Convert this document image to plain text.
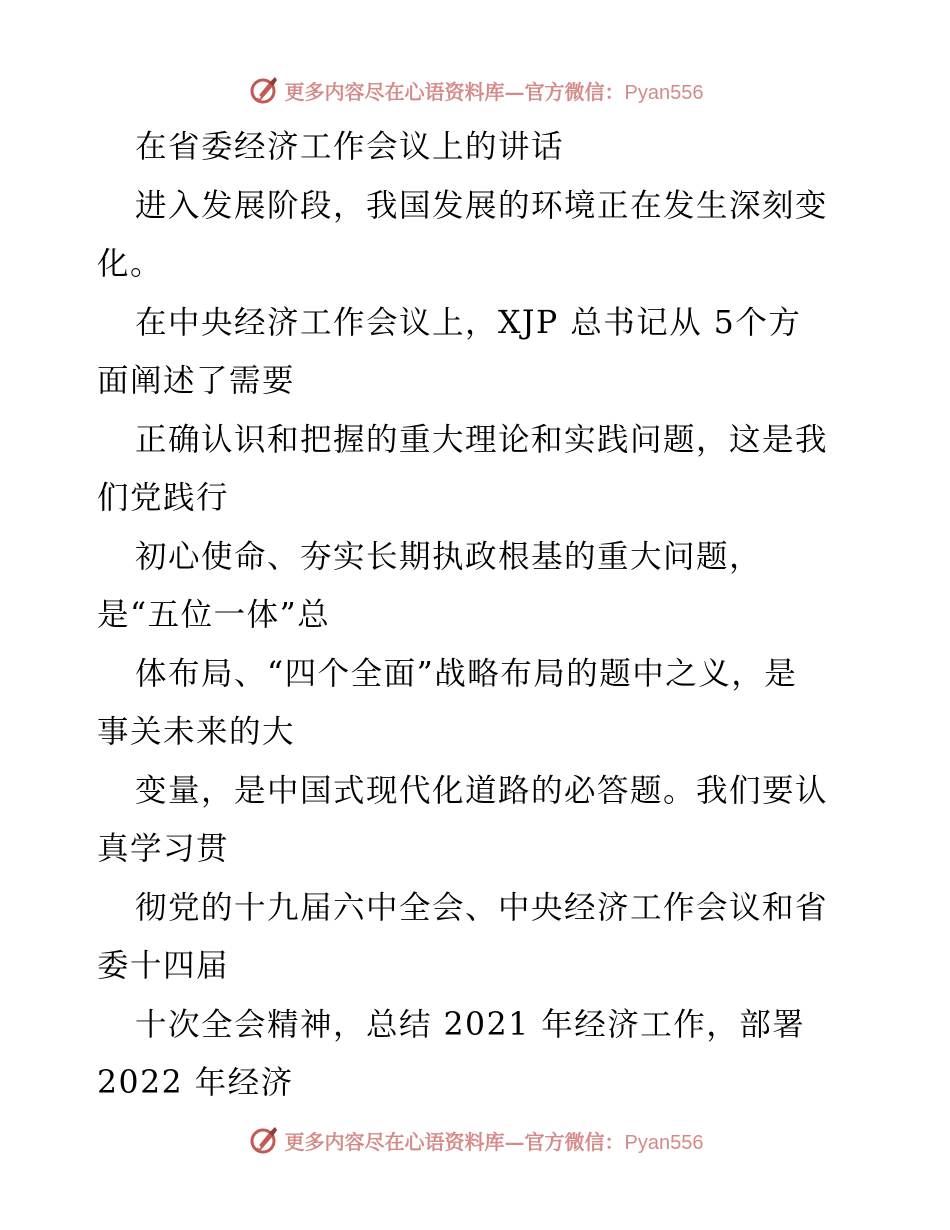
更多内容尽在心语资料库—官方微信：Pyan556
在省委经济工作会议上的讲话
进入发展阶段，我国发展的环境正在发生深刻变
化。
在中央经济工作会议上，XJP 总书记从 5个方
面阐述了需要
正确认识和把握的重大理论和实践问题，这是我
们党践行
初心使命、夯实长期执政根基的重大问题，
是“五位一体”总
体布局、“四个全面”战略布局的题中之义，是
事关未来的大
变量，是中国式现代化道路的必答题。我们要认
真学习贯
彻党的十九届六中全会、中央经济工作会议和省
委十四届
十次全会精神，总结 2021 年经济工作，部署
2022 年经济
更多内容尽在心语资料库—官方微信：Pyan556
